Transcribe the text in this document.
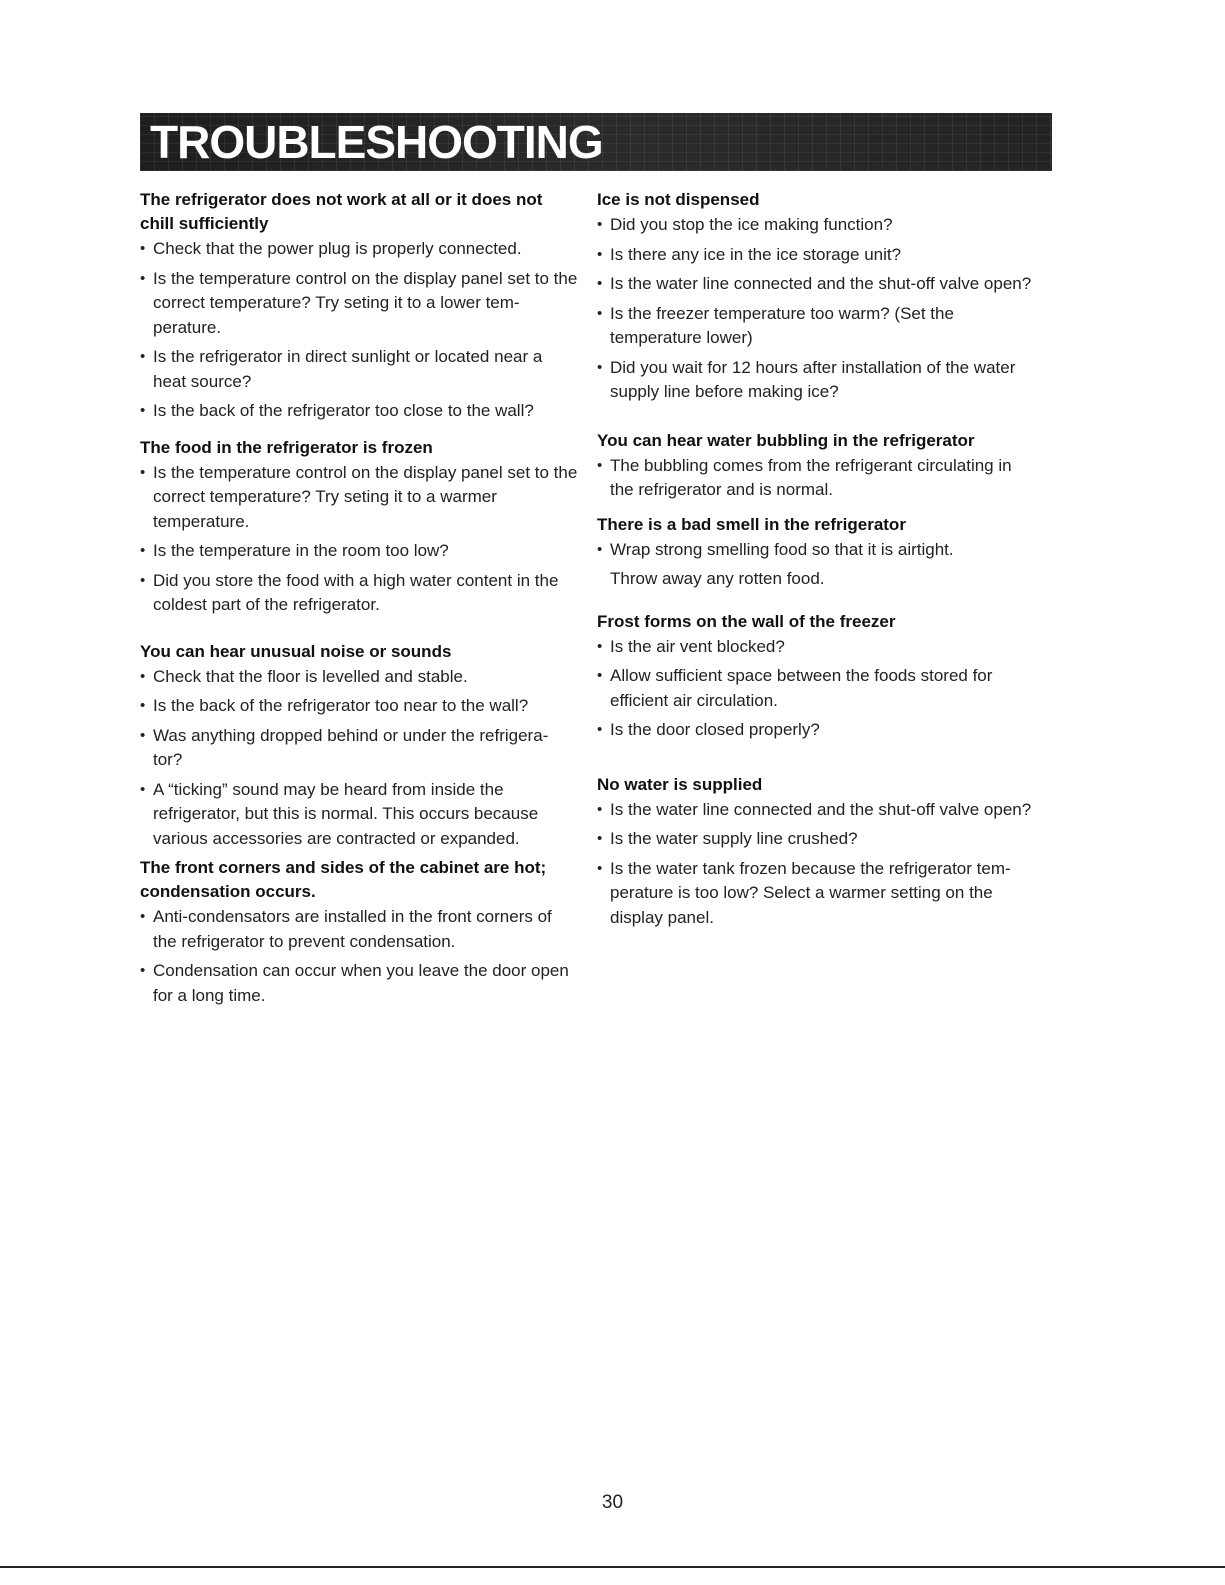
TROUBLESHOOTING
The refrigerator does not work at all or it does not chill sufficiently
• Check that the power plug is properly connected.
• Is the temperature control on the display panel set to the correct temperature? Try seting it to a lower tem- perature.
• Is the refrigerator in direct sunlight or located near a heat source?
• Is the back of the refrigerator too close to the wall?
The food in the refrigerator is frozen
• Is the temperature control on the display panel set to the correct temperature? Try seting it to a warmer temperature.
• Is the temperature in the room too low?
• Did you store the food with a high water content in the coldest part of the refrigerator.
You can hear unusual noise or sounds
• Check that the floor is levelled and stable.
• Is the back of the refrigerator too near to the wall?
• Was anything dropped behind or under the refrigera- tor?
• A “ticking” sound may be heard from inside the refrigerator, but this is normal. This occurs because various accessories are contracted or expanded.
The front corners and sides of the cabinet are hot; condensation occurs.
• Anti-condensators are installed in the front corners of the refrigerator to prevent condensation.
• Condensation can occur when you leave the door open for a long time.
Ice is not dispensed
• Did you stop the ice making function?
• Is there any ice in the ice storage unit?
• Is the water line connected and the shut-off valve open?
• Is the freezer temperature too warm? (Set the temperature lower)
• Did you wait for 12 hours after installation of the water supply line before making ice?
You can hear water bubbling in the refrigerator
• The bubbling comes from the refrigerant circulating in the refrigerator and is normal.
There is a bad smell in the refrigerator
• Wrap strong smelling food so that it is airtight.
Throw away any rotten food.
Frost forms on the wall of the freezer
• Is the air vent blocked?
• Allow sufficient space between the foods stored for efficient air circulation.
• Is the door closed properly?
No water is supplied
• Is the water line connected and the shut-off valve open?
• Is the water supply line crushed?
• Is the water tank frozen because the refrigerator tem- perature is too low? Select a warmer setting on the display panel.
30
